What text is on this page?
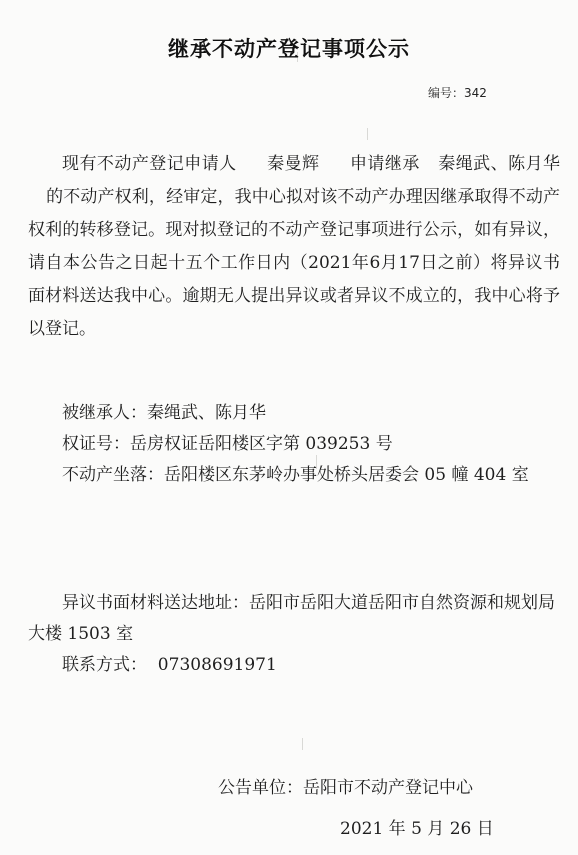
继承不动产登记事项公示
编号：342

现有不动产登记申请人 秦曼辉 申请继承 秦绳武、陈月华的不动产权利，经审定，我中心拟对该不动产办理因继承取得不动产权利的转移登记。现对拟登记的不动产登记事项进行公示，如有异议，请自本公告之日起十五个工作日内（2021年6月17日之前）将异议书面材料送达我中心。逾期无人提出异议或者异议不成立的，我中心将予以登记。

被继承人：秦绳武、陈月华
权证号：岳房权证岳阳楼区字第 039253 号
不动产坐落：岳阳楼区东茅岭办事处桥头居委会 05 幢 404 室
异议书面材料送达地址：岳阳市岳阳大道岳阳市自然资源和规划局大楼 1503 室
联系方式：  07308691971
公告单位：岳阳市不动产登记中心
2021 年 5 月 26 日
